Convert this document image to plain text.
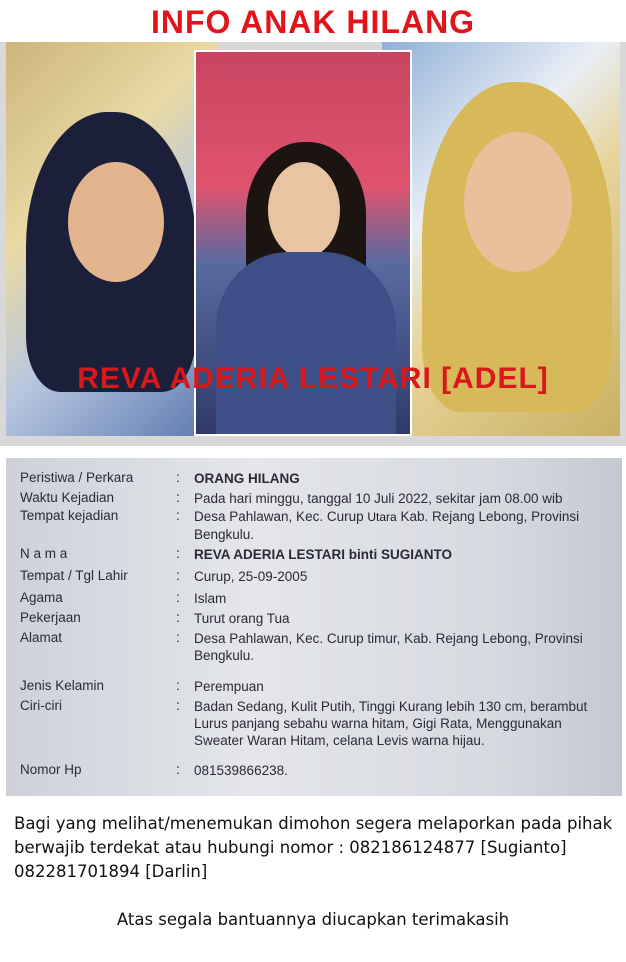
INFO ANAK HILANG
REVA ADERIA LESTARI [ADEL]
Peristiwa / Perkara	: ORANG HILANG
Waktu Kejadian	: Pada hari minggu, tanggal 10 Juli 2022, sekitar jam 08.00 wib
Tempat kejadian	: Desa Pahlawan, Kec. Curup Utara Kab. Rejang Lebong, Provinsi Bengkulu.
N a m a	: REVA ADERIA LESTARI binti SUGIANTO
Tempat / Tgl Lahir	: Curup, 25-09-2005
Agama	: Islam
Pekerjaan	: Turut orang Tua
Alamat	: Desa Pahlawan, Kec. Curup timur, Kab. Rejang Lebong, Provinsi Bengkulu.
Jenis Kelamin	: Perempuan
Ciri-ciri	: Badan Sedang, Kulit Putih, Tinggi Kurang lebih 130 cm, berambut Lurus panjang sebahu warna hitam, Gigi Rata, Menggunakan Sweater Waran Hitam, celana Levis warna hijau.
Nomor Hp	: 081539866238.
Bagi yang melihat/menemukan dimohon segera melaporkan pada pihak berwajib terdekat atau hubungi nomor : 082186124877 [Sugianto] 082281701894 [Darlin]
Atas segala bantuannya diucapkan terimakasih
